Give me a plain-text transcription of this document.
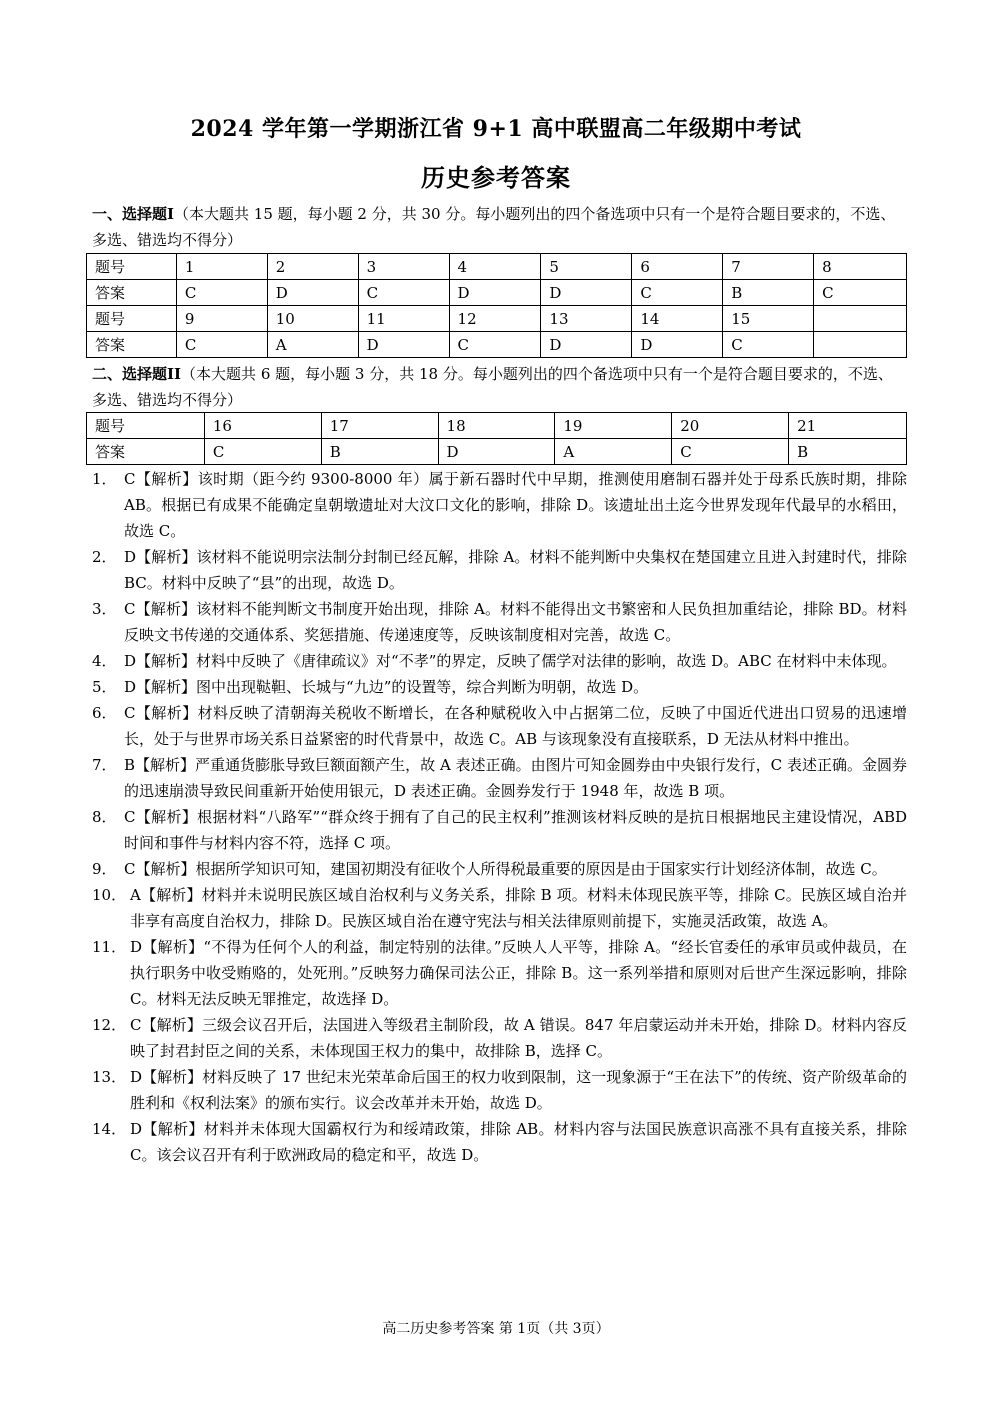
2024 学年第一学期浙江省 9+1 高中联盟高二年级期中考试
历史参考答案
一、选择题I（本大题共 15 题，每小题 2 分，共 30 分。每小题列出的四个备选项中只有一个是符合题目要求的，不选、多选、错选均不得分）
题号	1	2	3	4	5	6	7	8
答案	C	D	C	D	D	C	B	C
题号	9	10	11	12	13	14	15	
答案	C	A	D	C	D	D	C	
二、选择题II（本大题共 6 题，每小题 3 分，共 18 分。每小题列出的四个备选项中只有一个是符合题目要求的，不选、多选、错选均不得分）
题号	16	17	18	19	20	21
答案	C	B	D	A	C	B
1． C【解析】该时期（距今约 9300-8000 年）属于新石器时代中早期，推测使用磨制石器并处于母系氏族时期，排除 AB。根据已有成果不能确定皇朝墩遗址对大汶口文化的影响，排除 D。该遗址出土迄今世界发现年代最早的水稻田，故选 C。
2． D【解析】该材料不能说明宗法制分封制已经瓦解，排除 A。材料不能判断中央集权在楚国建立且进入封建时代，排除 BC。材料中反映了“县”的出现，故选 D。
3． C【解析】该材料不能判断文书制度开始出现，排除 A。材料不能得出文书繁密和人民负担加重结论，排除 BD。材料反映文书传递的交通体系、奖惩措施、传递速度等，反映该制度相对完善，故选 C。
4． D【解析】材料中反映了《唐律疏议》对“不孝”的界定，反映了儒学对法律的影响，故选 D。ABC 在材料中未体现。
5． D【解析】图中出现鞑靼、长城与“九边”的设置等，综合判断为明朝，故选 D。
6． C【解析】材料反映了清朝海关税收不断增长，在各种赋税收入中占据第二位，反映了中国近代进出口贸易的迅速增长，处于与世界市场关系日益紧密的时代背景中，故选 C。AB 与该现象没有直接联系，D 无法从材料中推出。
7． B【解析】严重通货膨胀导致巨额面额产生，故 A 表述正确。由图片可知金圆券由中央银行发行，C 表述正确。金圆券的迅速崩溃导致民间重新开始使用银元，D 表述正确。金圆券发行于 1948 年，故选 B 项。
8． C【解析】根据材料“八路军”“群众终于拥有了自己的民主权利”推测该材料反映的是抗日根据地民主建设情况，ABD 时间和事件与材料内容不符，选择 C 项。
9． C【解析】根据所学知识可知，建国初期没有征收个人所得税最重要的原因是由于国家实行计划经济体制，故选 C。
10． A【解析】材料并未说明民族区域自治权利与义务关系，排除 B 项。材料未体现民族平等，排除 C。民族区域自治并非享有高度自治权力，排除 D。民族区域自治在遵守宪法与相关法律原则前提下，实施灵活政策，故选 A。
11． D【解析】“不得为任何个人的利益，制定特别的法律。”反映人人平等，排除 A。“经长官委任的承审员或仲裁员，在执行职务中收受贿赂的，处死刑。”反映努力确保司法公正，排除 B。这一系列举措和原则对后世产生深远影响，排除 C。材料无法反映无罪推定，故选择 D。
12． C【解析】三级会议召开后，法国进入等级君主制阶段，故 A 错误。847 年启蒙运动并未开始，排除 D。材料内容反映了封君封臣之间的关系，未体现国王权力的集中，故排除 B，选择 C。
13． D【解析】材料反映了 17 世纪末光荣革命后国王的权力收到限制，这一现象源于“王在法下”的传统、资产阶级革命的胜利和《权利法案》的颁布实行。议会改革并未开始，故选 D。
14． D【解析】材料并未体现大国霸权行为和绥靖政策，排除 AB。材料内容与法国民族意识高涨不具有直接关系，排除 C。该会议召开有利于欧洲政局的稳定和平，故选 D。
高二历史参考答案 第 1页（共 3页）
